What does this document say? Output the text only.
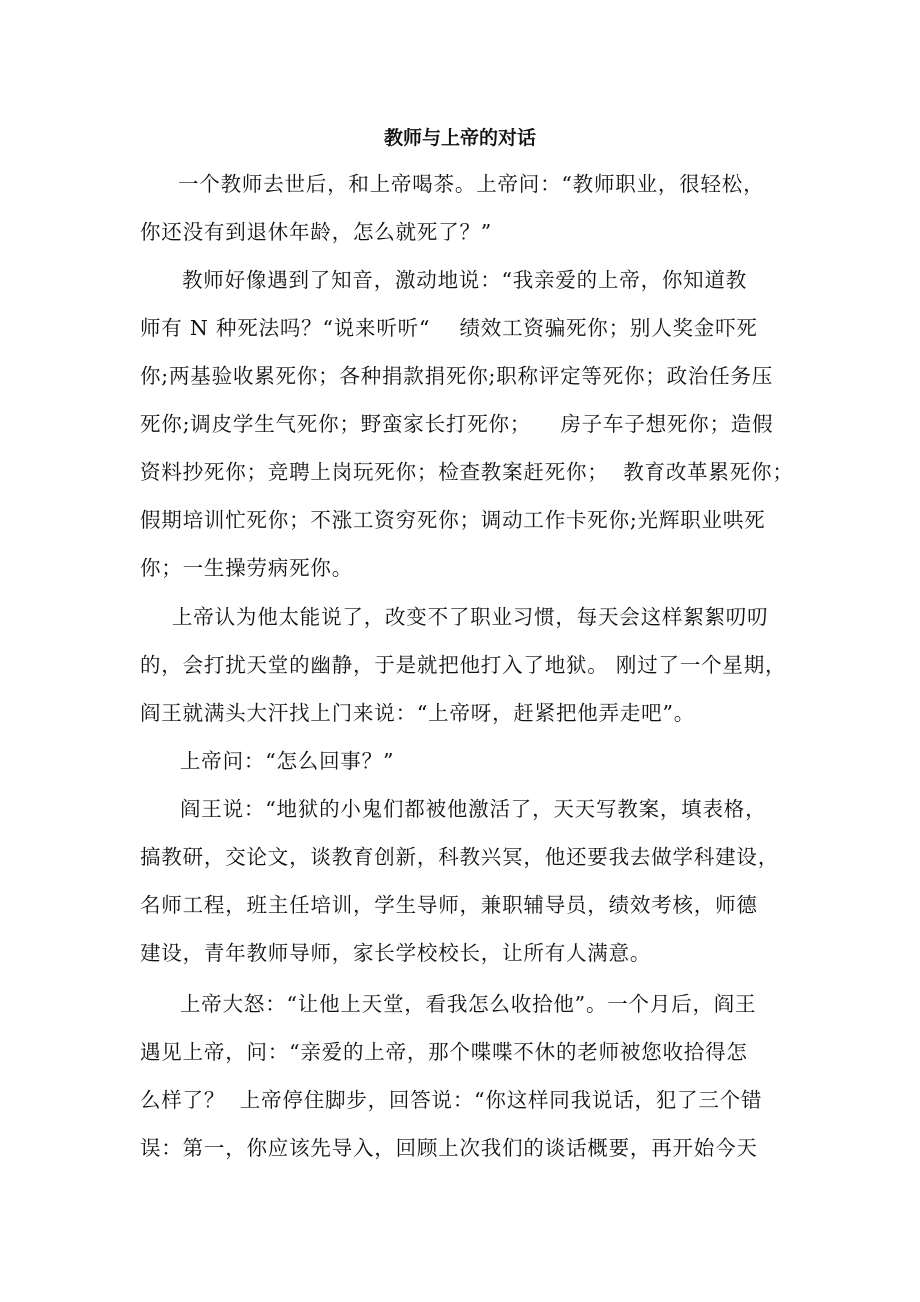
教师与上帝的对话
一个教师去世后，和上帝喝茶。上帝问：“教师职业，很轻松，
你还没有到退休年龄，怎么就死了？”
教师好像遇到了知音，激动地说：“我亲爱的上帝，你知道教
师有 N 种死法吗？“说来听听“    绩效工资骗死你；别人奖金吓死
你;两基验收累死你；各种捐款捐死你;职称评定等死你；政治任务压
死你;调皮学生气死你；野蛮家长打死你；    房子车子想死你；造假
资料抄死你；竞聘上岗玩死你；检查教案赶死你；  教育改革累死你；
假期培训忙死你；不涨工资穷死你；调动工作卡死你;光辉职业哄死
你；一生操劳病死你。
上帝认为他太能说了，改变不了职业习惯，每天会这样絮絮叨叨
的，会打扰天堂的幽静，于是就把他打入了地狱。 刚过了一个星期，
阎王就满头大汗找上门来说：“上帝呀，赶紧把他弄走吧”。
上帝问：“怎么回事？”
阎王说：“地狱的小鬼们都被他激活了，天天写教案，填表格，
搞教研，交论文，谈教育创新，科教兴冥，他还要我去做学科建设，
名师工程，班主任培训，学生导师，兼职辅导员，绩效考核，师德
建设，青年教师导师，家长学校校长，让所有人满意。
上帝大怒：“让他上天堂，看我怎么收拾他”。一个月后，阎王
遇见上帝，问：“亲爱的上帝，那个喋喋不休的老师被您收拾得怎
么样了？  上帝停住脚步，回答说：“你这样同我说话，犯了三个错
误：第一，你应该先导入，回顾上次我们的谈话概要，再开始今天
